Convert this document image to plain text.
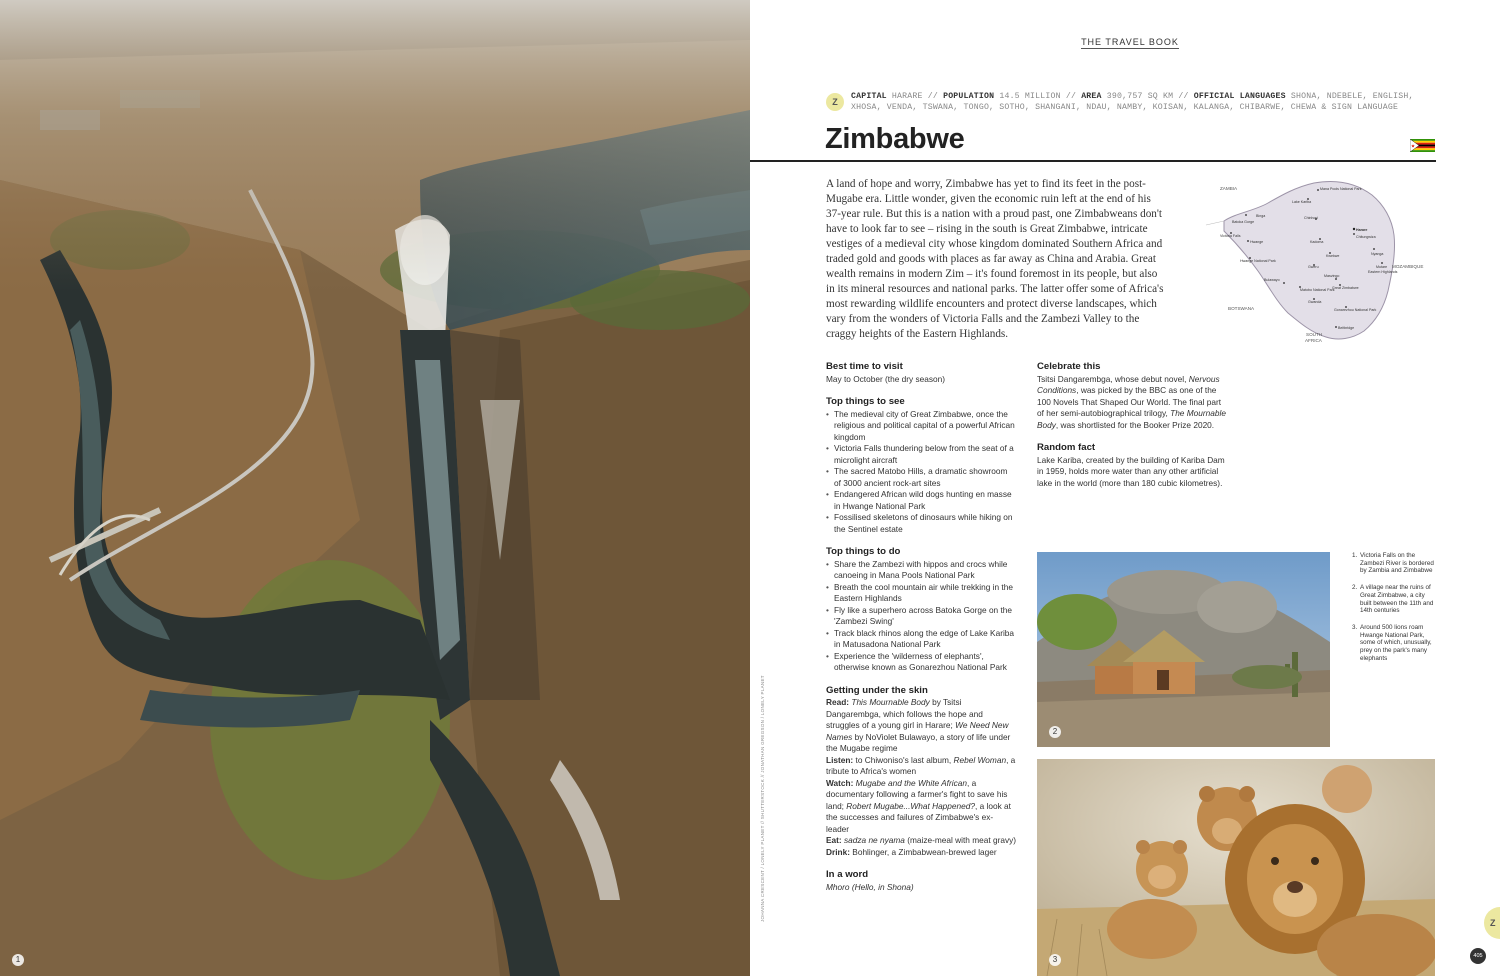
1
JOHANNA CRESCENT / LONELY PLANET // SHUTTERSTOCK // JONATHAN GREGSON / LONELY PLANET
THE TRAVEL BOOK
Z
CAPITAL HARARE // POPULATION 14.5 MILLION // AREA 390,757 SQ KM // OFFICIAL LANGUAGES SHONA, NDEBELE, ENGLISH, XHOSA, VENDA, TSWANA, TONGO, SOTHO, SHANGANI, NDAU, NAMBY, KOISAN, KALANGA, CHIBARWE, CHEWA & SIGN LANGUAGE
Zimbabwe

A land of hope and worry, Zimbabwe has yet to find its feet in the post-Mugabe era. Little wonder, given the economic ruin left at the end of his 37-year rule. But this is a nation with a proud past, one Zimbabweans don't have to look far to see – rising in the south is Great Zimbabwe, intricate vestiges of a medieval city whose kingdom dominated Southern Africa and traded gold and goods with places as far away as China and Arabia. Great wealth remains in modern Zim – it's found foremost in its people, but also in its mineral resources and national parks. The latter offer some of Africa's most rewarding wildlife encounters and protect diverse landscapes, which vary from the wonders of Victoria Falls and the Zambezi Valley to the craggy heights of the Eastern Highlands.

ZAMBIA
MOZAMBIQUE
BOTSWANA
SOUTH
AFRICA
Mana Pools National Park
Lake Kariba
Chinhoyi
Harare
Chitungwiza
Victoria Falls
Hwange	Kadoma
Hwange National Park
Kwekwe	Nyanga
Gweru	Mutare
Eastern Highlands
Bulawayo
Masvingo
Great Zimbabwe
Matobo National Park
Gwanda
Gonarezhou National Park
Beitbridge
Binga
Batoka Gorge
Best time to visit

May to October (the dry season)

Top things to see
• The medieval city of Great Zimbabwe, once the religious and political capital of a powerful African kingdom
• Victoria Falls thundering below from the seat of a microlight aircraft
• The sacred Matobo Hills, a dramatic showroom of 3000 ancient rock-art sites
• Endangered African wild dogs hunting en masse in Hwange National Park
• Fossilised skeletons of dinosaurs while hiking on the Sentinel estate
Top things to do
• Share the Zambezi with hippos and crocs while canoeing in Mana Pools National Park
• Breath the cool mountain air while trekking in the Eastern Highlands
• Fly like a superhero across Batoka Gorge on the 'Zambezi Swing'
• Track black rhinos along the edge of Lake Kariba in Matusadona National Park
• Experience the 'wilderness of elephants', otherwise known as Gonarezhou National Park
Getting under the skin

Read: This Mournable Body by Tsitsi Dangarembga, which follows the hope and struggles of a young girl in Harare; We Need New Names by NoViolet Bulawayo, a story of life under the Mugabe regime

Listen: to Chiwoniso's last album, Rebel Woman, a tribute to Africa's women

Watch: Mugabe and the White African, a documentary following a farmer's fight to save his land; Robert Mugabe...What Happened?, a look at the successes and failures of Zimbabwe's ex-leader

Eat: sadza ne nyama (maize-meal with meat gravy)

Drink: Bohlinger, a Zimbabwean-brewed lager

In a word

Mhoro (Hello, in Shona)

Celebrate this

Tsitsi Dangarembga, whose debut novel, Nervous Conditions, was picked by the BBC as one of the 100 Novels That Shaped Our World. The final part of her semi-autobiographical trilogy, The Mournable Body, was shortlisted for the Booker Prize 2020.

Random fact

Lake Kariba, created by the building of Kariba Dam in 1959, holds more water than any other artificial lake in the world (more than 180 cubic kilometres).

2
3
1. Victoria Falls on the Zambezi River is bordered by Zambia and Zimbabwe
2. A village near the ruins of Great Zimbabwe, a city built between the 11th and 14th centuries
3. Around 500 lions roam Hwange National Park, some of which, unusually, prey on the park's many elephants
Z
405
